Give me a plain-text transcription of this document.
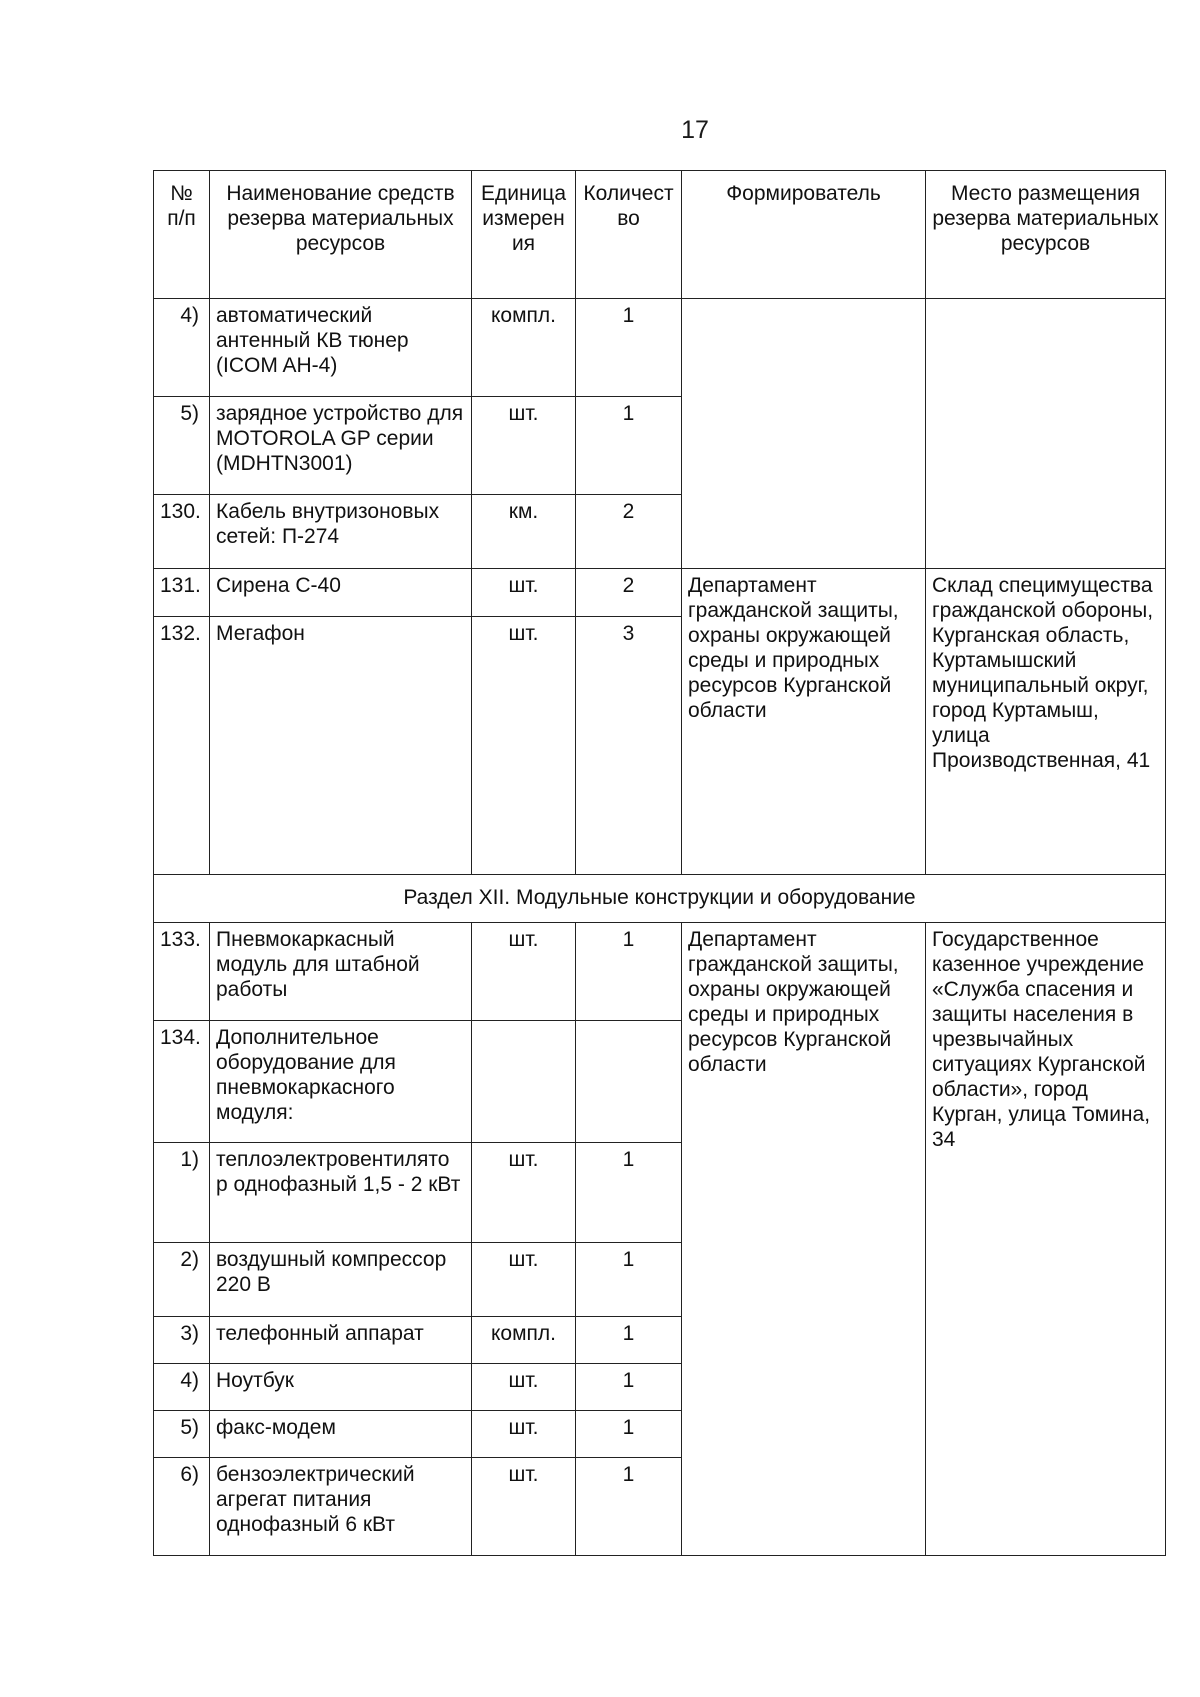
17
№ п/п	Наименование средств резерва материальных ресурсов	Единица измерен ия	Количест во	Формирователь	Место размещения резерва материальных ресурсов
4)	автоматический антенный КВ тюнер (ICOM AH-4)	компл.	1		
5)	зарядное устройство для MOTOROLA GP серии (MDHTN3001)	шт.	1		
130.	Кабель внутризоновых сетей: П-274	км.	2		
131.	Сирена С-40	шт.	2	Департамент гражданской защиты, охраны окружающей среды и природных ресурсов Курганской области	Склад специмущества гражданской обороны, Курганская область, Куртамышский муниципальный округ, город Куртамыш, улица Производственная, 41
132.	Мегафон	шт.	3		
Раздел XII. Модульные конструкции и оборудование					
133.	Пневмокаркасный модуль для штабной работы	шт.	1	Департамент гражданской защиты, охраны окружающей среды и природных ресурсов Курганской области	Государственное казенное учреждение «Служба спасения и защиты населения в чрезвычайных ситуациях Курганской области», город Курган, улица Томина, 34
134.	Дополнительное оборудование для пневмокаркасного модуля:				
1)	теплоэлектровентилято р однофазный 1,5 - 2 кВт	шт.	1		
2)	воздушный компрессор 220 В	шт.	1		
3)	телефонный аппарат	компл.	1		
4)	Ноутбук	шт.	1		
5)	факс-модем	шт.	1		
6)	бензоэлектрический агрегат питания однофазный 6 кВт	шт.	1		
